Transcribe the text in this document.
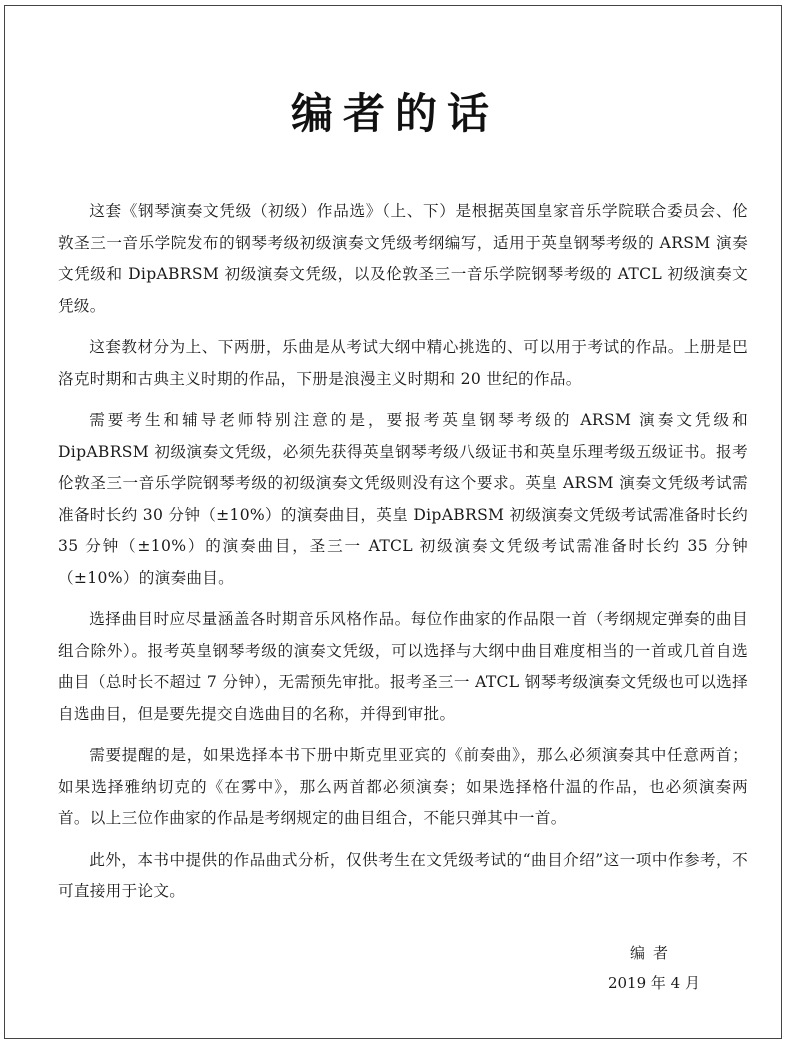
编者的话

这套《钢琴演奏文凭级（初级）作品选》（上、下）是根据英国皇家音乐学院联合委员会、伦敦圣三一音乐学院发布的钢琴考级初级演奏文凭级考纲编写，适用于英皇钢琴考级的 ARSM 演奏文凭级和 DipABRSM 初级演奏文凭级，以及伦敦圣三一音乐学院钢琴考级的 ATCL 初级演奏文凭级。

这套教材分为上、下两册，乐曲是从考试大纲中精心挑选的、可以用于考试的作品。上册是巴洛克时期和古典主义时期的作品，下册是浪漫主义时期和 20 世纪的作品。

需要考生和辅导老师特别注意的是，要报考英皇钢琴考级的 ARSM 演奏文凭级和 DipABRSM 初级演奏文凭级，必须先获得英皇钢琴考级八级证书和英皇乐理考级五级证书。报考伦敦圣三一音乐学院钢琴考级的初级演奏文凭级则没有这个要求。英皇 ARSM 演奏文凭级考试需准备时长约 30 分钟（±10%）的演奏曲目，英皇 DipABRSM 初级演奏文凭级考试需准备时长约 35 分钟（±10%）的演奏曲目，圣三一 ATCL 初级演奏文凭级考试需准备时长约 35 分钟（±10%）的演奏曲目。

选择曲目时应尽量涵盖各时期音乐风格作品。每位作曲家的作品限一首（考纲规定弹奏的曲目组合除外）。报考英皇钢琴考级的演奏文凭级，可以选择与大纲中曲目难度相当的一首或几首自选曲目（总时长不超过 7 分钟），无需预先审批。报考圣三一 ATCL 钢琴考级演奏文凭级也可以选择自选曲目，但是要先提交自选曲目的名称，并得到审批。

需要提醒的是，如果选择本书下册中斯克里亚宾的《前奏曲》，那么必须演奏其中任意两首；如果选择雅纳切克的《在雾中》，那么两首都必须演奏；如果选择格什温的作品，也必须演奏两首。以上三位作曲家的作品是考纲规定的曲目组合，不能只弹其中一首。

此外，本书中提供的作品曲式分析，仅供考生在文凭级考试的“曲目介绍”这一项中作参考，不可直接用于论文。

编者
2019 年 4 月
